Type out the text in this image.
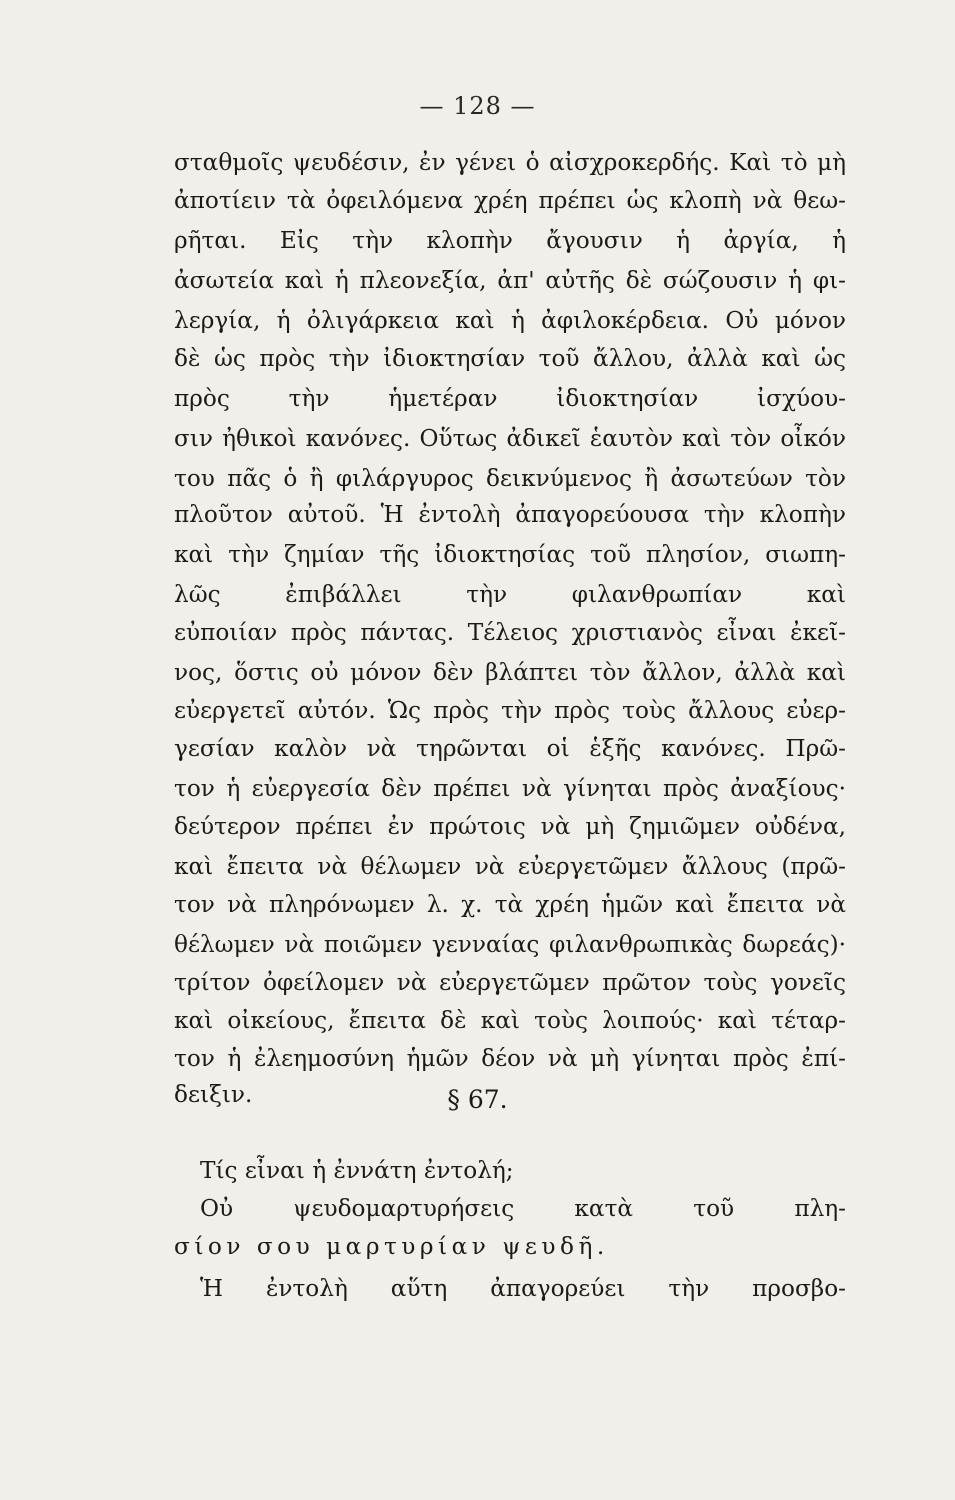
— 128 —
σταθμοῖς ψευδέσιν, ἐν γένει ὁ αἰσχροκερδής. Καὶ τὸ μὴ
ἀποτίειν τὰ ὀφειλόμενα χρέη πρέπει ὡς κλοπὴ νὰ θεω-
ρῆται. Εἰς τὴν κλοπὴν ἄγουσιν ἡ ἀργία, ἡ
ἀσωτεία καὶ ἡ πλεονεξία, ἀπ' αὐτῆς δὲ σώζουσιν ἡ φι-
λεργία, ἡ ὀλιγάρκεια καὶ ἡ ἀφιλοκέρδεια. Οὐ μόνον
δὲ ὡς πρὸς τὴν ἰδιοκτησίαν τοῦ ἄλλου, ἀλλὰ καὶ ὡς
πρὸς τὴν ἡμετέραν ἰδιοκτησίαν ἰσχύου-
σιν ἠθικοὶ κανόνες. Οὕτως ἀδικεῖ ἑαυτὸν καὶ τὸν οἶκόν
του πᾶς ὁ ἢ φιλάργυρος δεικνύμενος ἢ ἀσωτεύων τὸν
πλοῦτον αὐτοῦ. Ἡ ἐντολὴ ἀπαγορεύουσα τὴν κλοπὴν
καὶ τὴν ζημίαν τῆς ἰδιοκτησίας τοῦ πλησίον, σιωπη-
λῶς ἐπιβάλλει τὴν φιλανθρωπίαν καὶ
εὐποιίαν πρὸς πάντας. Τέλειος χριστιανὸς εἶναι ἐκεῖ-
νος, ὅστις οὐ μόνον δὲν βλάπτει τὸν ἄλλον, ἀλλὰ καὶ
εὐεργετεῖ αὐτόν. Ὡς πρὸς τὴν πρὸς τοὺς ἄλλους εὐερ-
γεσίαν καλὸν νὰ τηρῶνται οἱ ἑξῆς κανόνες. Πρῶ-
τον ἡ εὐεργεσία δὲν πρέπει νὰ γίνηται πρὸς ἀναξίους·
δεύτερον πρέπει ἐν πρώτοις νὰ μὴ ζημιῶμεν οὐδένα,
καὶ ἔπειτα νὰ θέλωμεν νὰ εὐεργετῶμεν ἄλλους (πρῶ-
τον νὰ πληρόνωμεν λ. χ. τὰ χρέη ἡμῶν καὶ ἔπειτα νὰ
θέλωμεν νὰ ποιῶμεν γενναίας φιλανθρωπικὰς δωρεάς)·
τρίτον ὀφείλομεν νὰ εὐεργετῶμεν πρῶτον τοὺς γονεῖς
καὶ οἰκείους, ἔπειτα δὲ καὶ τοὺς λοιπούς· καὶ τέταρ-
τον ἡ ἐλεημοσύνη ἡμῶν δέον νὰ μὴ γίνηται πρὸς ἐπί-
δειξιν.	§ 67.
Τίς εἶναι ἡ ἐννάτη ἐντολή;
Οὐ ψευδομαρτυρήσεις κατὰ τοῦ πλη-
σίον σου μαρτυρίαν ψευδῆ.
Ἡ ἐντολὴ αὕτη ἀπαγορεύει τὴν προσβο-
